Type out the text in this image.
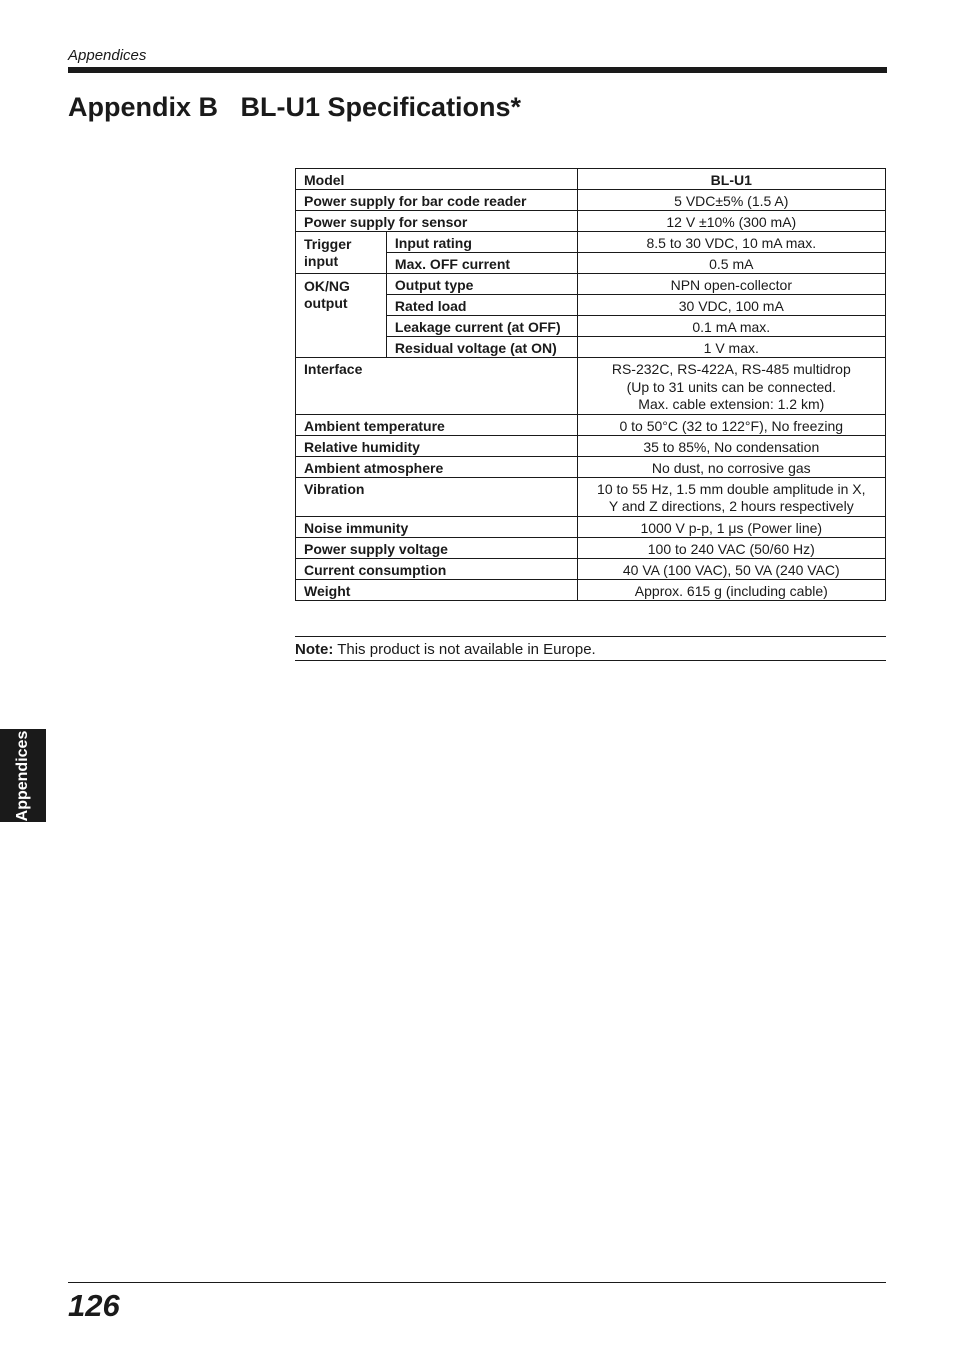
Appendices
Appendix B   BL-U1 Specifications*
Model		BL-U1
Power supply for bar code reader		5 VDC±5% (1.5 A)
Power supply for sensor		12 V ±10% (300 mA)
Trigger input	Input rating	8.5 to 30 VDC, 10 mA max.
	Max. OFF current	0.5 mA
OK/NG output	Output type	NPN open-collector
	Rated load	30 VDC, 100 mA
	Leakage current (at OFF)	0.1 mA max.
	Residual voltage (at ON)	1 V max.
Interface		RS-232C, RS-422A, RS-485 multidrop
(Up to 31 units can be connected.
Max. cable extension: 1.2 km)

Ambient temperature		0 to 50°C (32 to 122°F), No freezing
Relative humidity		35 to 85%, No condensation
Ambient atmosphere		No dust, no corrosive gas
Vibration		10 to 55 Hz, 1.5 mm double amplitude in X,
Y and Z directions, 2 hours respectively

Noise immunity		1000 V p-p, 1 μs (Power line)
Power supply voltage		100 to 240 VAC (50/60 Hz)
Current consumption		40 VA (100 VAC), 50 VA (240 VAC)
Weight		Approx. 615 g (including cable)
Note: This product is not available in Europe.
Appendices
126
